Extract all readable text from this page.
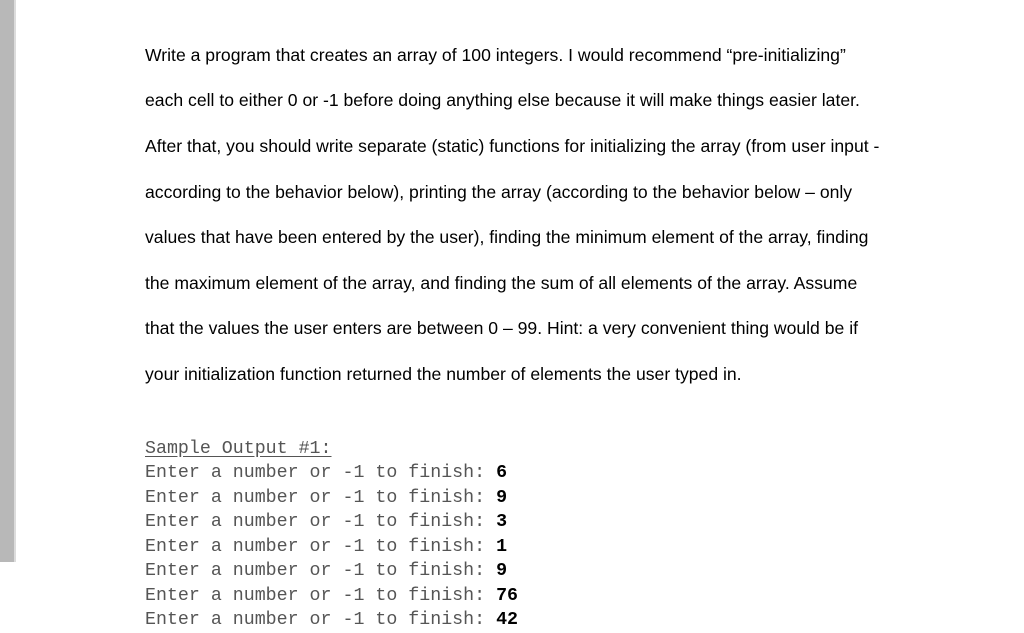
Write a program that creates an array of 100 integers. I would recommend “pre-initializing”

each cell to either 0 or -1 before doing anything else because it will make things easier later.

After that, you should write separate (static) functions for initializing the array (from user input -

according to the behavior below), printing the array (according to the behavior below – only

values that have been entered by the user), finding the minimum element of the array, finding

the maximum element of the array, and finding the sum of all elements of the array. Assume

that the values the user enters are between 0 – 99. Hint: a very convenient thing would be if

your initialization function returned the number of elements the user typed in.

Sample Output #1:
Enter a number or -1 to finish: 6
Enter a number or -1 to finish: 9
Enter a number or -1 to finish: 3
Enter a number or -1 to finish: 1
Enter a number or -1 to finish: 9
Enter a number or -1 to finish: 76
Enter a number or -1 to finish: 42
